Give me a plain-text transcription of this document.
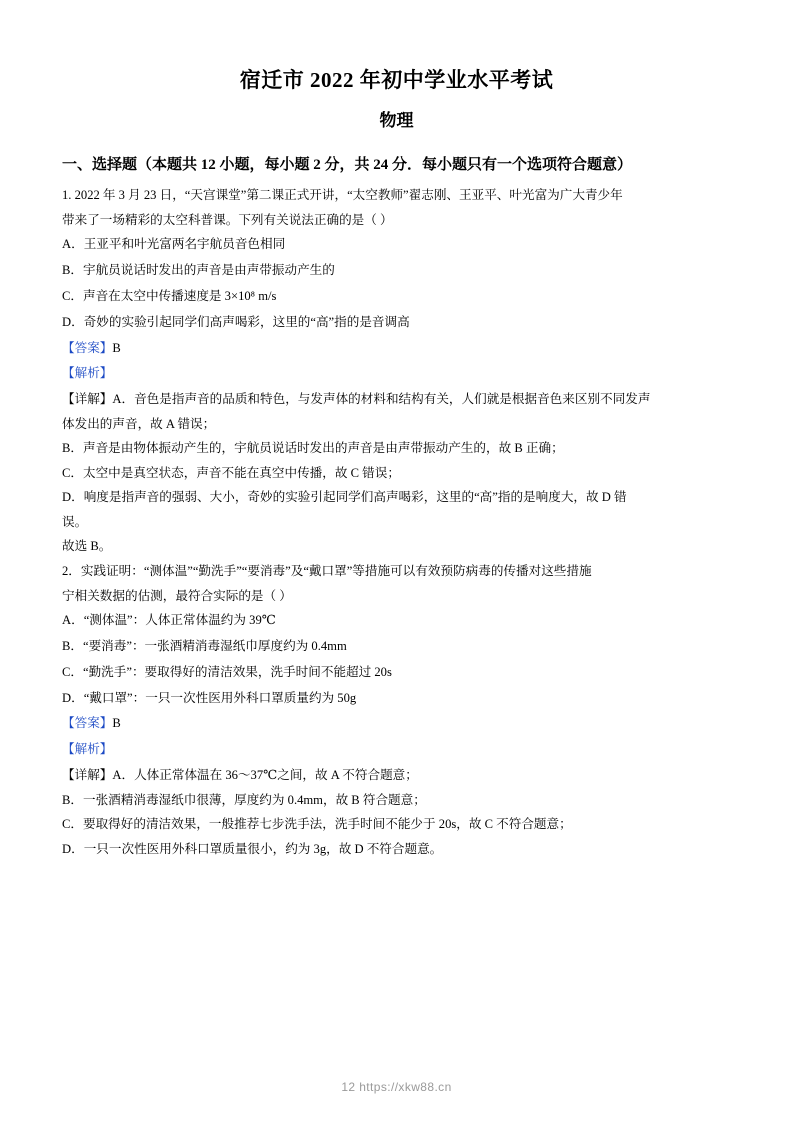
宿迁市 2022 年初中学业水平考试
物理
一、选择题（本题共 12 小题，每小题 2 分，共 24 分．每小题只有一个选项符合题意）

1. 2022 年 3 月 23 日，“天宫课堂”第二课正式开讲，“太空教师”翟志刚、王亚平、叶光富为广大青少年

带来了一场精彩的太空科普课。下列有关说法正确的是（ ）

A．王亚平和叶光富两名宇航员音色相同

B．宇航员说话时发出的声音是由声带振动产生的

C．声音在太空中传播速度是 3×10⁸ m/s

D．奇妙的实验引起同学们高声喝彩，这里的“高”指的是音调高

【答案】B

【解析】

【详解】A．音色是指声音的品质和特色，与发声体的材料和结构有关，人们就是根据音色来区别不同发声

体发出的声音，故 A 错误；

B．声音是由物体振动产生的，宇航员说话时发出的声音是由声带振动产生的，故 B 正确；

C．太空中是真空状态，声音不能在真空中传播，故 C 错误；

D．响度是指声音的强弱、大小，奇妙的实验引起同学们高声喝彩，这里的“高”指的是响度大，故 D 错

误。

故选 B。

2．实践证明：“测体温”“勤洗手”“要消毒”及“戴口罩”等措施可以有效预防病毒的传播对这些措施

宁相关数据的估测，最符合实际的是（ ）

A．“测体温”：人体正常体温约为 39℃

B．“要消毒”：一张酒精消毒湿纸巾厚度约为 0.4mm

C．“勤洗手”：要取得好的清洁效果，洗手时间不能超过 20s

D．“戴口罩”：一只一次性医用外科口罩质量约为 50g

【答案】B

【解析】

【详解】A．人体正常体温在 36～37℃之间，故 A 不符合题意；

B．一张酒精消毒湿纸巾很薄，厚度约为 0.4mm，故 B 符合题意；

C．要取得好的清洁效果，一般推荐七步洗手法，洗手时间不能少于 20s，故 C 不符合题意；

D．一只一次性医用外科口罩质量很小，约为 3g，故 D 不符合题意。

12 https://xkw88.cn
